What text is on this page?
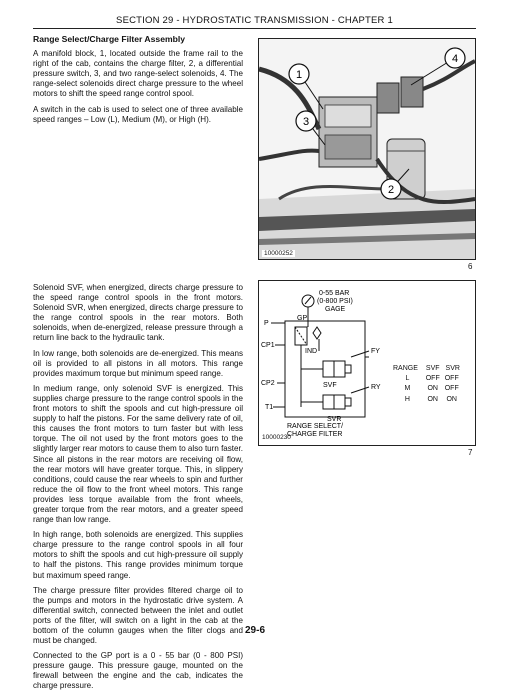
SECTION 29 - HYDROSTATIC TRANSMISSION - CHAPTER 1

Range Select/Charge Filter Assembly

A manifold block, 1, located outside the frame rail to the right of the cab, contains the charge filter, 2, a differential pressure switch, 3, and two range-select solenoids, 4. The range-select solenoids direct charge pressure to the wheel motors to shift the speed range control spool.

A switch in the cab is used to select one of three available speed ranges – Low (L), Medium (M), or High (H).

1
4
3
2
10000252
6

Solenoid SVF, when energized, directs charge pressure to the speed range control spools in the front motors. Solenoid SVR, when energized, directs charge pressure to the range control spools in the rear motors. Both solenoids, when de-energized, release pressure through a return line back to the hydraulic tank.

In low range, both solenoids are de-energized. This means oil is provided to all pistons in all motors. This range provides maximum torque but minimum speed range.

In medium range, only solenoid SVF is energized. This supplies charge pressure to the range control spools in the front motors to shift the spools and cut high-pressure oil supply to half the pistons. For the same delivery rate of oil, this causes the front motors to turn faster but with less torque. The oil not used by the front motors goes to the slightly larger rear motors to cause them to also turn faster. Since all pistons in the rear motors are receiving oil flow, the rear motors will have greater torque. This, in slippery conditions, could cause the rear wheels to spin and further reduce the oil flow to the front wheel motors. This range provides less torque available from the front wheels, greater torque from the rear motors, and a greater speed range than low range.

In high range, both solenoids are energized. This supplies charge pressure to the range control spools in all four motors to shift the spools and cut high-pressure oil supply to half the pistons. This range provides minimum torque but maximum speed range.

The charge pressure filter provides filtered charge oil to the pumps and motors in the hydrostatic drive system. A differential switch, connected between the inlet and outlet ports of the filter, will switch on a light in the cab at the bottom of the column gauges when the filter clogs and must be changed.

Connected to the GP port is a 0 - 55 bar (0 - 800 PSI) pressure gauge. This pressure gauge, mounted on the firewall between the engine and the cab, indicates the charge pressure.

0-55 BAR
(0-800 PSI)
GAGE
GP
P
CP1
CP2
T1
IND
SVF
FY
SVR
RY
RANGE SELECT/
CHARGE FILTER
RANGE	SVF	SVR
L	OFF	OFF
M	ON	OFF
H	ON	ON
10000230
7
29-6
